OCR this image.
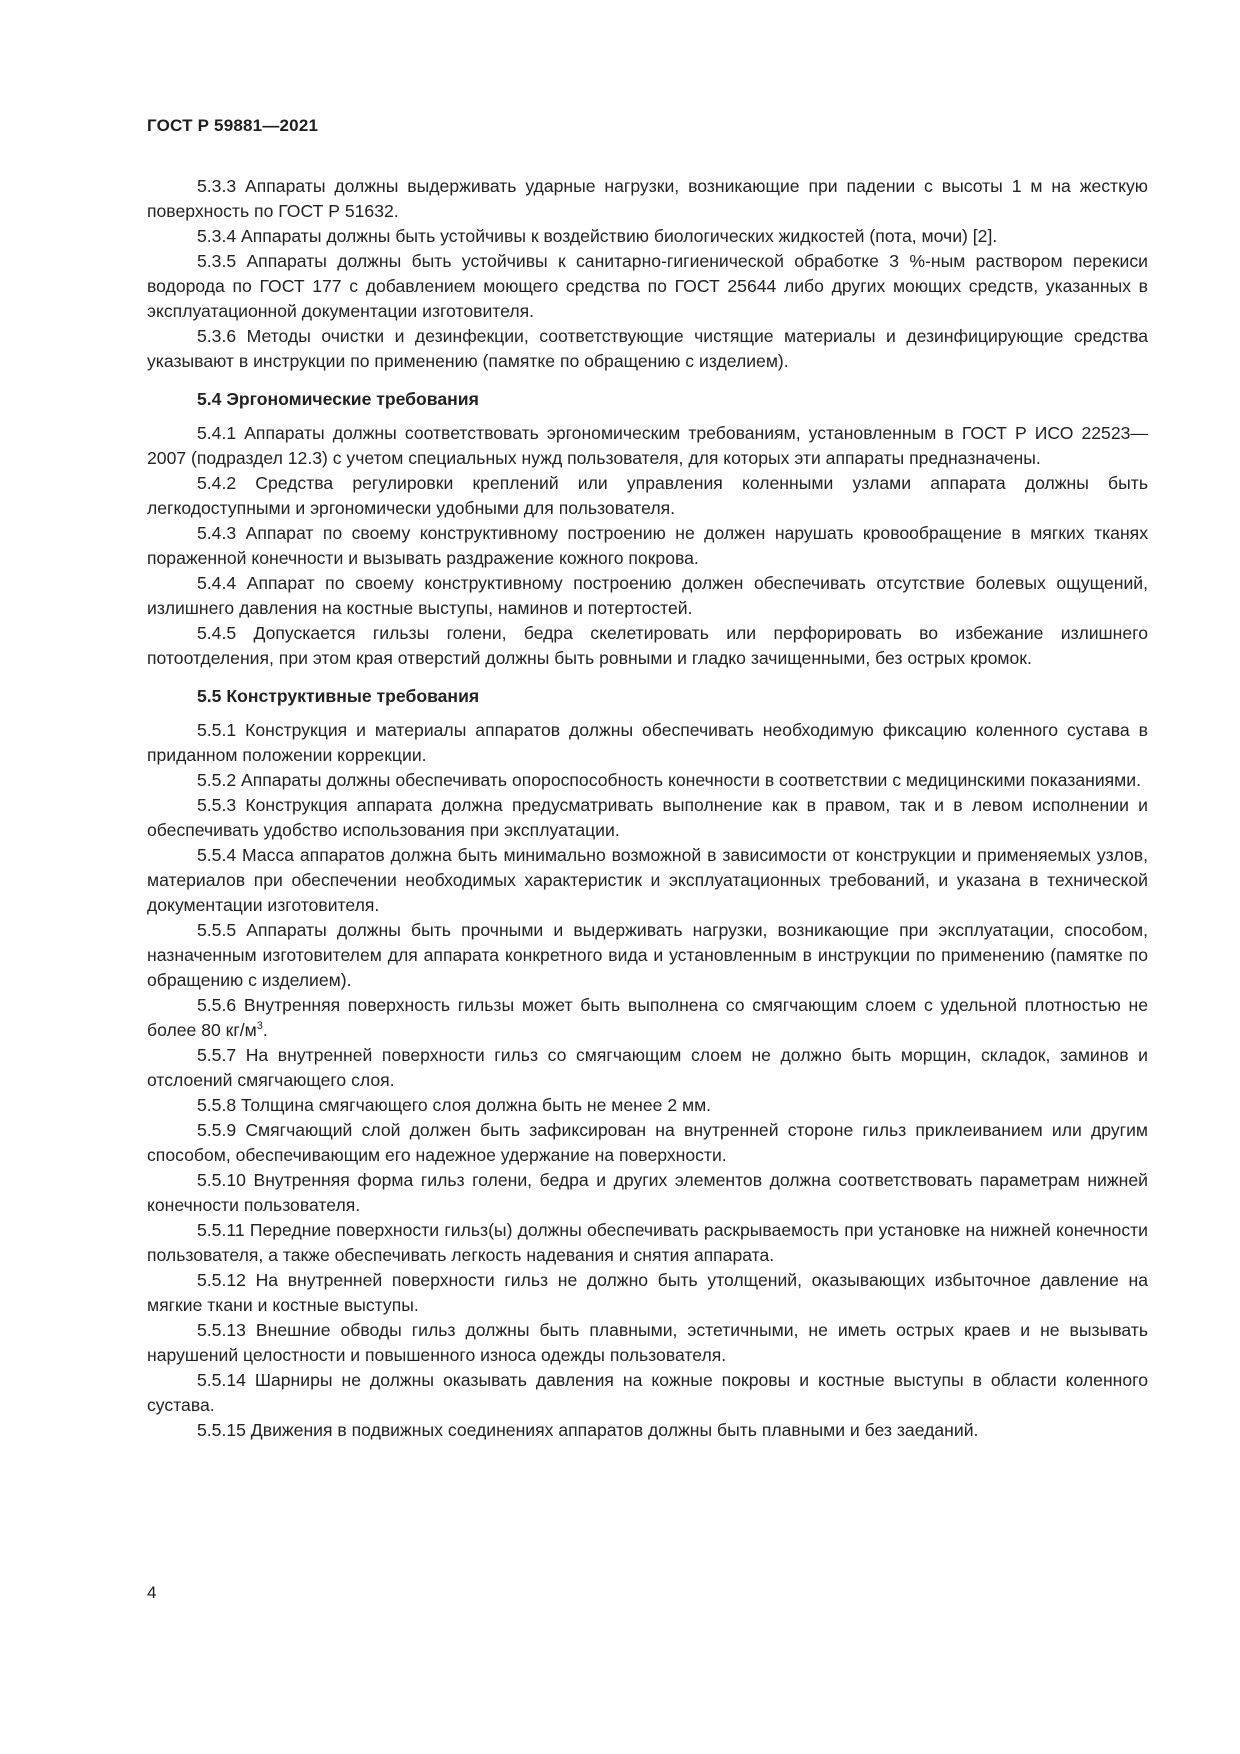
ГОСТ Р 59881—2021

5.3.3 Аппараты должны выдерживать ударные нагрузки, возникающие при падении с высоты 1 м на жесткую поверхность по ГОСТ Р 51632.

5.3.4 Аппараты должны быть устойчивы к воздействию биологических жидкостей (пота, мочи) [2].

5.3.5 Аппараты должны быть устойчивы к санитарно-гигиенической обработке 3 %-ным раствором перекиси водорода по ГОСТ 177 с добавлением моющего средства по ГОСТ 25644 либо других моющих средств, указанных в эксплуатационной документации изготовителя.

5.3.6 Методы очистки и дезинфекции, соответствующие чистящие материалы и дезинфицирующие средства указывают в инструкции по применению (памятке по обращению с изделием).

5.4 Эргономические требования

5.4.1 Аппараты должны соответствовать эргономическим требованиям, установленным в ГОСТ Р ИСО 22523—2007 (подраздел 12.3) с учетом специальных нужд пользователя, для которых эти аппараты предназначены.

5.4.2 Средства регулировки креплений или управления коленными узлами аппарата должны быть легкодоступными и эргономически удобными для пользователя.

5.4.3 Аппарат по своему конструктивному построению не должен нарушать кровообращение в мягких тканях пораженной конечности и вызывать раздражение кожного покрова.

5.4.4 Аппарат по своему конструктивному построению должен обеспечивать отсутствие болевых ощущений, излишнего давления на костные выступы, наминов и потертостей.

5.4.5 Допускается гильзы голени, бедра скелетировать или перфорировать во избежание излишнего потоотделения, при этом края отверстий должны быть ровными и гладко зачищенными, без острых кромок.

5.5 Конструктивные требования

5.5.1 Конструкция и материалы аппаратов должны обеспечивать необходимую фиксацию коленного сустава в приданном положении коррекции.

5.5.2 Аппараты должны обеспечивать опороспособность конечности в соответствии с медицинскими показаниями.

5.5.3 Конструкция аппарата должна предусматривать выполнение как в правом, так и в левом исполнении и обеспечивать удобство использования при эксплуатации.

5.5.4 Масса аппаратов должна быть минимально возможной в зависимости от конструкции и применяемых узлов, материалов при обеспечении необходимых характеристик и эксплуатационных требований, и указана в технической документации изготовителя.

5.5.5 Аппараты должны быть прочными и выдерживать нагрузки, возникающие при эксплуатации, способом, назначенным изготовителем для аппарата конкретного вида и установленным в инструкции по применению (памятке по обращению с изделием).

5.5.6 Внутренняя поверхность гильзы может быть выполнена со смягчающим слоем с удельной плотностью не более 80 $кг/м^3$.

5.5.7 На внутренней поверхности гильз со смягчающим слоем не должно быть морщин, складок, заминов и отслоений смягчающего слоя.

5.5.8 Толщина смягчающего слоя должна быть не менее 2 мм.

5.5.9 Смягчающий слой должен быть зафиксирован на внутренней стороне гильз приклеиванием или другим способом, обеспечивающим его надежное удержание на поверхности.

5.5.10 Внутренняя форма гильз голени, бедра и других элементов должна соответствовать параметрам нижней конечности пользователя.

5.5.11 Передние поверхности гильз(ы) должны обеспечивать раскрываемость при установке на нижней конечности пользователя, а также обеспечивать легкость надевания и снятия аппарата.

5.5.12 На внутренней поверхности гильз не должно быть утолщений, оказывающих избыточное давление на мягкие ткани и костные выступы.

5.5.13 Внешние обводы гильз должны быть плавными, эстетичными, не иметь острых краев и не вызывать нарушений целостности и повышенного износа одежды пользователя.

5.5.14 Шарниры не должны оказывать давления на кожные покровы и костные выступы в области коленного сустава.

5.5.15 Движения в подвижных соединениях аппаратов должны быть плавными и без заеданий.

4
